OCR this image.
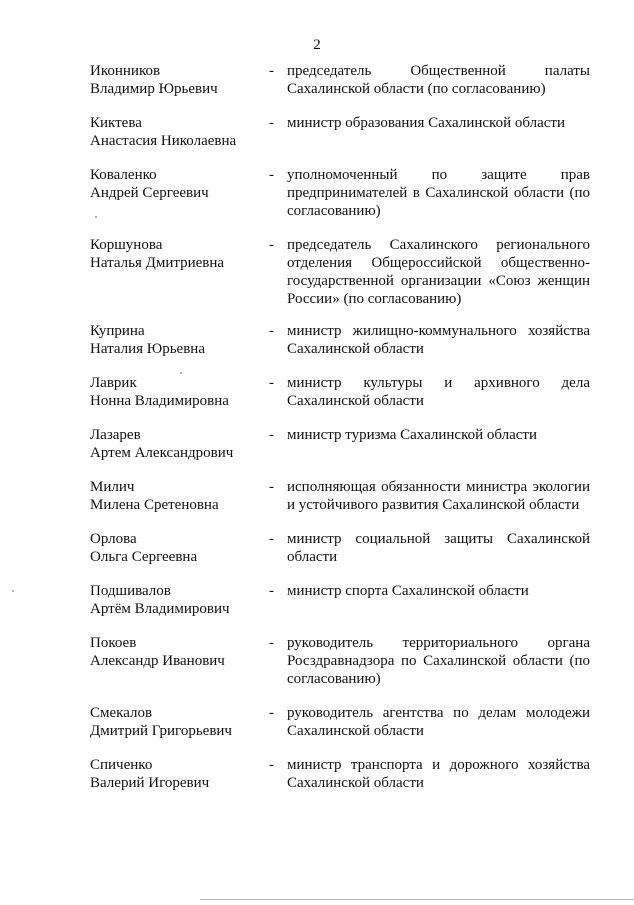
2
Иконников
Владимир Юрьевич
- председатель Общественной палаты
Сахалинской области (по согласованию)
Киктева
Анастасия Николаевна
- министр образования Сахалинской области
Коваленко
Андрей Сергеевич
- уполномоченный по защите прав
предпринимателей в Сахалинской области (по
согласованию)
Коршунова
Наталья Дмитриевна
- председатель Сахалинского регионального
отделения Общероссийской общественно-
государственной организации «Союз женщин
России» (по согласованию)
Куприна
Наталия Юрьевна
- министр жилищно-коммунального хозяйства
Сахалинской области
Лаврик
Нонна Владимировна
- министр культуры и архивного дела
Сахалинской области
Лазарев
Артем Александрович
- министр туризма Сахалинской области
Милич
Милена Сретеновна
- исполняющая обязанности министра экологии
и устойчивого развития Сахалинской области
Орлова
Ольга Сергеевна
- министр социальной защиты Сахалинской
области
Подшивалов
Артём Владимирович
- министр спорта Сахалинской области
Покоев
Александр Иванович
- руководитель территориального органа
Росздравнадзора по Сахалинской области (по
согласованию)
Смекалов
Дмитрий Григорьевич
- руководитель агентства по делам молодежи
Сахалинской области
Спиченко
Валерий Игоревич
- министр транспорта и дорожного хозяйства
Сахалинской области
